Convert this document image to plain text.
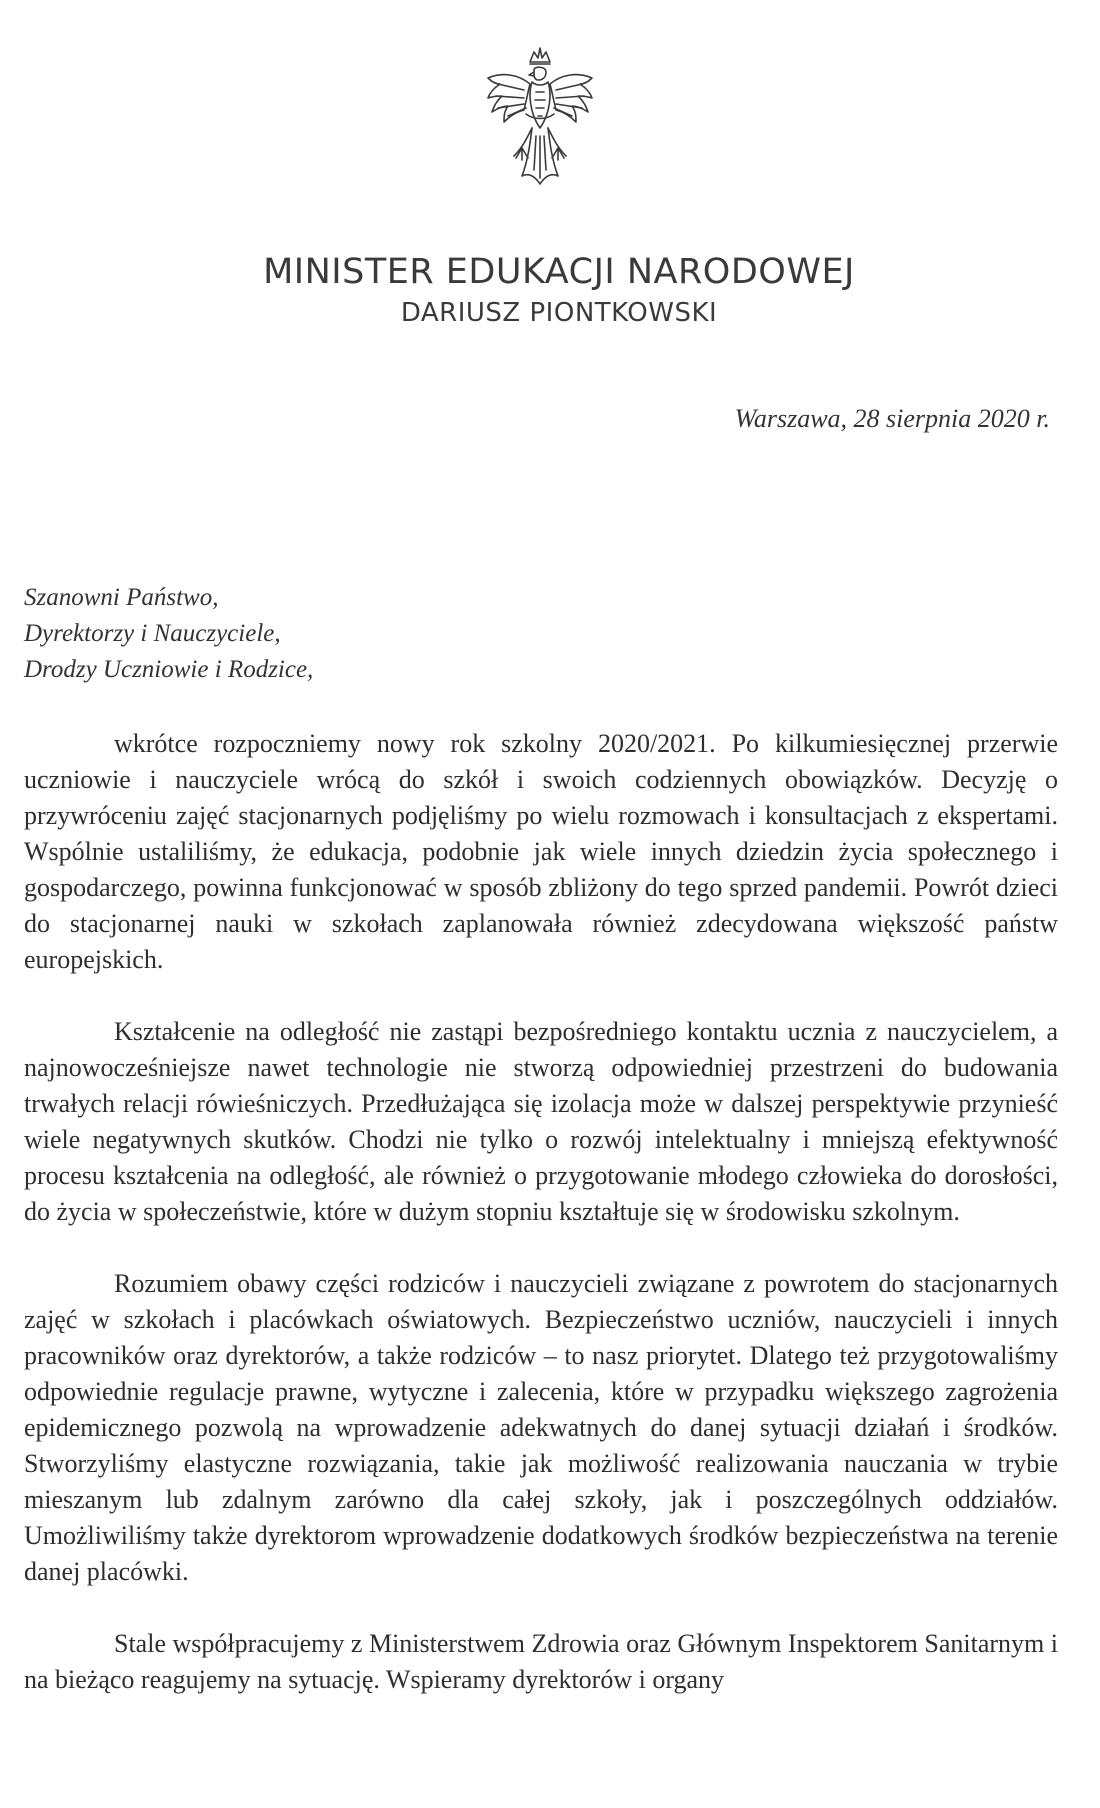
MINISTER EDUKACJI NARODOWEJ
DARIUSZ PIONTKOWSKI
Warszawa, 28 sierpnia 2020 r.
Szanowni Państwo,
Dyrektorzy i Nauczyciele,
Drodzy Uczniowie i Rodzice,

wkrótce rozpoczniemy nowy rok szkolny 2020/2021. Po kilkumiesięcznej przerwie uczniowie i nauczyciele wrócą do szkół i swoich codziennych obowiązków. Decyzję o przywróceniu zajęć stacjonarnych podjęliśmy po wielu rozmowach i konsultacjach z ekspertami. Wspólnie ustaliliśmy, że edukacja, podobnie jak wiele innych dziedzin życia społecznego i gospodarczego, powinna funkcjonować w sposób zbliżony do tego sprzed pandemii. Powrót dzieci do stacjonarnej nauki w szkołach zaplanowała również zdecydowana większość państw europejskich.

Kształcenie na odległość nie zastąpi bezpośredniego kontaktu ucznia z nauczycielem, a najnowocześniejsze nawet technologie nie stworzą odpowiedniej przestrzeni do budowania trwałych relacji rówieśniczych. Przedłużająca się izolacja może w dalszej perspektywie przynieść wiele negatywnych skutków. Chodzi nie tylko o rozwój intelektualny i mniejszą efektywność procesu kształcenia na odległość, ale również o przygotowanie młodego człowieka do dorosłości, do życia w społeczeństwie, które w dużym stopniu kształtuje się w środowisku szkolnym.

Rozumiem obawy części rodziców i nauczycieli związane z powrotem do stacjonarnych zajęć w szkołach i placówkach oświatowych. Bezpieczeństwo uczniów, nauczycieli i innych pracowników oraz dyrektorów, a także rodziców – to nasz priorytet. Dlatego też przygotowaliśmy odpowiednie regulacje prawne, wytyczne i zalecenia, które w przypadku większego zagrożenia epidemicznego pozwolą na wprowadzenie adekwatnych do danej sytuacji działań i środków. Stworzyliśmy elastyczne rozwiązania, takie jak możliwość realizowania nauczania w trybie mieszanym lub zdalnym zarówno dla całej szkoły, jak i poszczególnych oddziałów. Umożliwiliśmy także dyrektorom wprowadzenie dodatkowych środków bezpieczeństwa na terenie danej placówki.

Stale współpracujemy z Ministerstwem Zdrowia oraz Głównym Inspektorem Sanitarnym i na bieżąco reagujemy na sytuację. Wspieramy dyrektorów i organy
